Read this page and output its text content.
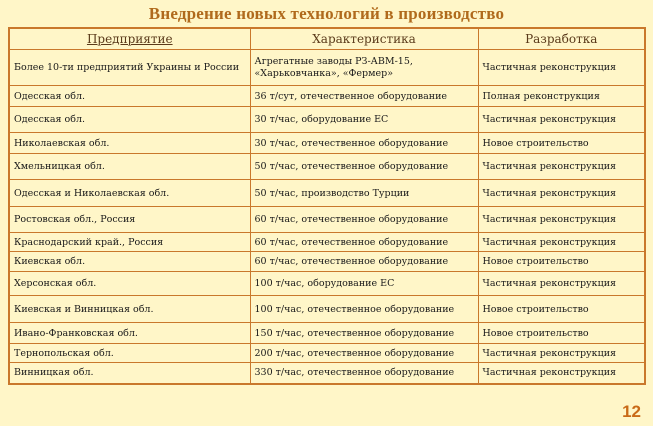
Внедрение новых технологий в производство
Предприятие	Характеристика	Разработка
Более 10-ти предприятий Украины и России	Агрегатные заводы РЗ-АВМ-15, «Харьковчанка», «Фермер»	Частичная реконструкция
Одесская обл.	36 т/сут, отечественное оборудование	Полная реконструкция
Одесская обл.	30 т/час, оборудование ЕС	Частичная реконструкция
Николаевская обл.	30 т/час, отечественное оборудование	Новое строительство
Хмельницкая обл.	50 т/час, отечественное оборудование	Частичная реконструкция
Одесская и Николаевская обл.	50 т/час, производство Турции	Частичная реконструкция
Ростовская обл., Россия	60 т/час, отечественное оборудование	Частичная реконструкция
Краснодарский край., Россия	60 т/час, отечественное оборудование	Частичная реконструкция
Киевская обл.	60 т/час, отечественное оборудование	Новое строительство
Херсонская обл.	100 т/час, оборудование ЕС	Частичная реконструкция
Киевская и Винницкая обл.	100 т/час, отечественное оборудование	Новое строительство
Ивано-Франковская обл.	150 т/час, отечественное оборудование	Новое строительство
Тернопольская обл.	200 т/час, отечественное оборудование	Частичная реконструкция
Винницкая обл.	330 т/час, отечественное оборудование	Частичная реконструкция
12
